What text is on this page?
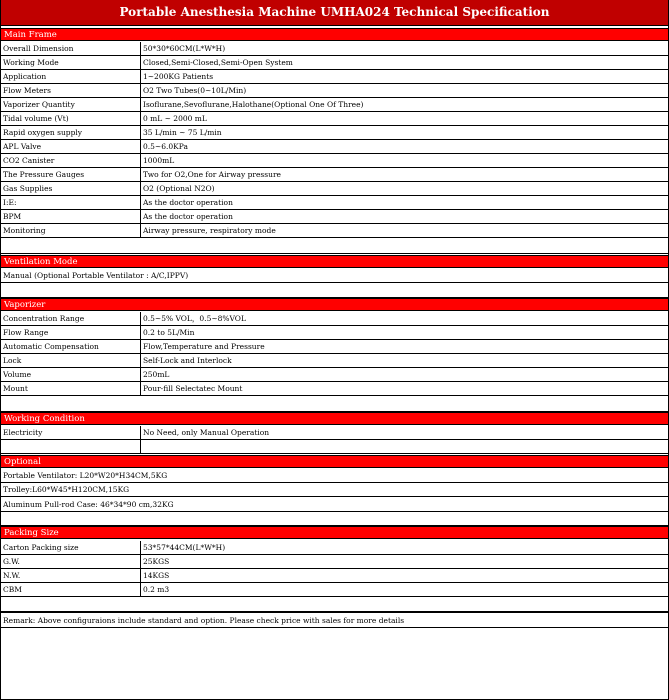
Portable Anesthesia Machine UMHA024 Technical Specification
Main Frame
Overall Dimension	50*30*60CM(L*W*H)
Working Mode	Closed,Semi-Closed,Semi-Open System
Application	1~200KG Patients
Flow Meters	O2 Two Tubes(0~10L/Min)
Vaporizer Quantity	Isoflurane,Sevoflurane,Halothane(Optional One Of Three)
Tidal volume (Vt)	0 mL ~ 2000 mL
Rapid oxygen supply	35 L/min ~ 75 L/min
APL Valve	0.5~6.0KPa
CO2 Canister	1000mL
The Pressure Gauges	Two for O2,One for Airway pressure
Gas Supplies	O2 (Optional N2O)
I:E:	As the doctor operation
BPM	As the doctor operation
Monitoring	Airway pressure, respiratory mode
Ventilation Mode
Manual (Optional Portable Ventilator : A/C,IPPV)
Vaporizer
Concentration Range	0.5~5% VOL，0.5~8%VOL
Flow Range	0.2 to 5L/Min
Automatic Compensation	Flow,Temperature and Pressure
Lock	Self-Lock and Interlock
Volume	250mL
Mount	Pour-fill Selectatec Mount
Working Condition
Electricity	No Need, only Manual Operation
Optional
Portable Ventilator: L20*W20*H34CM,5KG
Trolley:L60*W45*H120CM,15KG
Aluminum Pull-rod Case: 46*34*90 cm,32KG
Packing Size
Carton Packing size	53*57*44CM(L*W*H)
G.W.	25KGS
N.W.	14KGS
CBM	0.2 m3
Remark: Above configuraions include standard and option. Please check price with sales for more details
